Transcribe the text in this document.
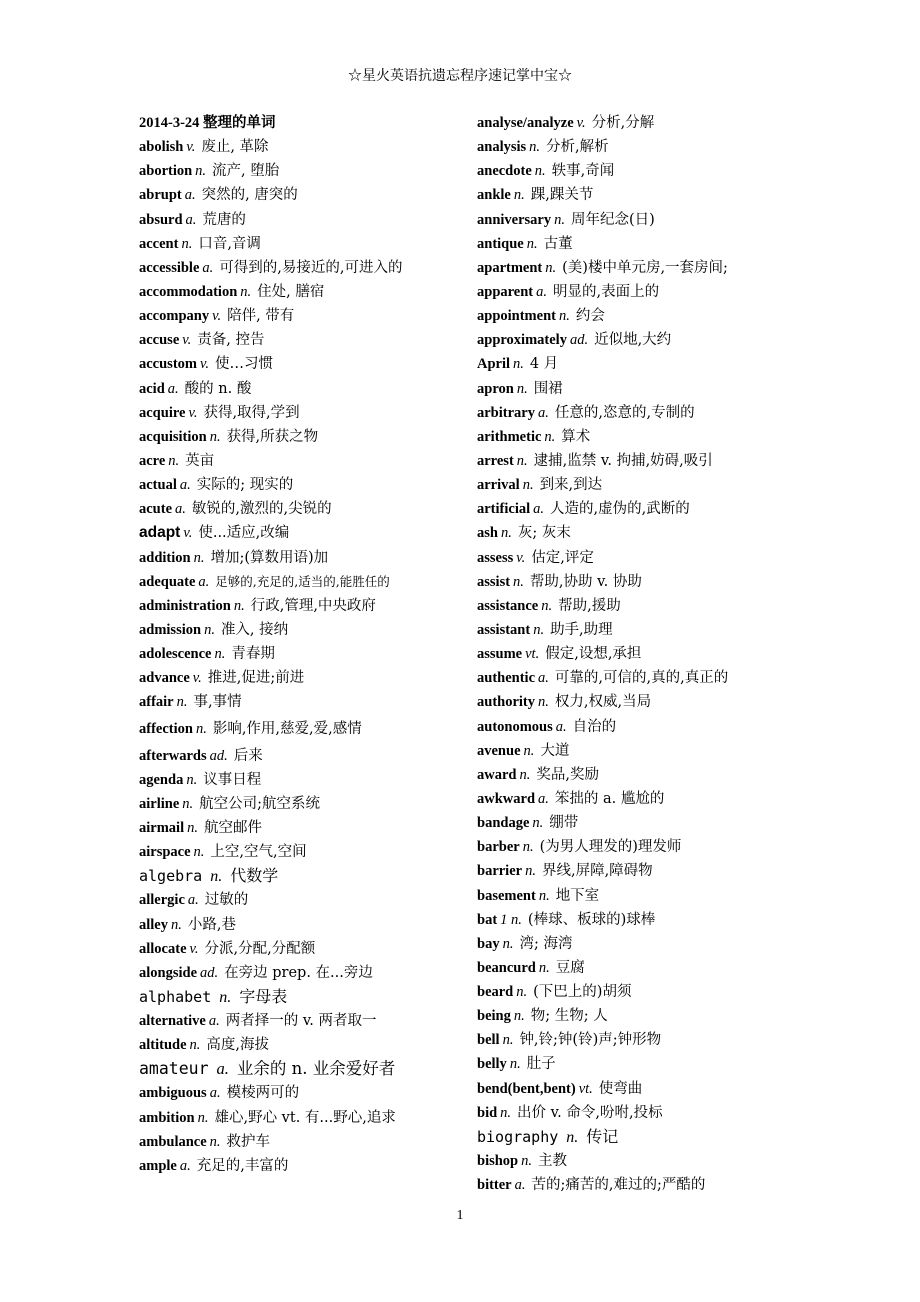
☆星火英语抗遗忘程序速记掌中宝☆
2014-3-24 整理的单词
abolish v. 废止, 革除
abortion n. 流产, 堕胎
abrupt a. 突然的, 唐突的
absurd a. 荒唐的
accent n. 口音,音调
accessible a. 可得到的,易接近的,可进入的
accommodation n. 住处, 膳宿
accompany v. 陪伴, 带有
accuse v. 责备, 控告
accustom v. 使…习惯
acid a. 酸的 n. 酸
acquire v. 获得,取得,学到
acquisition n. 获得,所获之物
acre n. 英亩
actual a. 实际的; 现实的
acute a. 敏锐的,激烈的,尖锐的
adapt v. 使...适应,改编
addition n. 增加;(算数用语)加
adequate a. 足够的,充足的,适当的,能胜任的
administration n. 行政,管理,中央政府
admission n. 准入, 接纳
adolescence n. 青春期
advance v. 推进,促进;前进
affair n. 事,事情
affection n. 影响,作用,慈爱,爱,感情
afterwards ad. 后来
agenda n. 议事日程
airline n. 航空公司;航空系统
airmail n. 航空邮件
airspace n. 上空,空气,空间
algebra n. 代数学
allergic a. 过敏的
alley n. 小路,巷
allocate v. 分派,分配,分配额
alongside ad. 在旁边 prep. 在...旁边
alphabet n. 字母表
alternative a. 两者择一的 v. 两者取一
altitude n. 高度,海拔
amateur a. 业余的 n. 业余爱好者
ambiguous a. 模棱两可的
ambition n. 雄心,野心 vt. 有...野心,追求
ambulance n. 救护车
ample a. 充足的,丰富的
analyse/analyze v. 分析,分解
analysis n. 分析,解析
anecdote n. 轶事,奇闻
ankle n. 踝,踝关节
anniversary n. 周年纪念(日)
antique n. 古董
apartment n. (美)楼中单元房,一套房间;
apparent a. 明显的,表面上的
appointment n. 约会
approximately ad. 近似地,大约
April n. 4 月
apron n. 围裙
arbitrary a. 任意的,恣意的,专制的
arithmetic n. 算术
arrest n. 逮捕,监禁 v. 拘捕,妨碍,吸引
arrival n. 到来,到达
artificial a. 人造的,虚伪的,武断的
ash n. 灰; 灰末
assess v. 估定,评定
assist n. 帮助,协助 v. 协助
assistance n. 帮助,援助
assistant n. 助手,助理
assume vt. 假定,设想,承担
authentic a. 可靠的,可信的,真的,真正的
authority n. 权力,权威,当局
autonomous a. 自治的
avenue n. 大道
award n. 奖品,奖励
awkward a. 笨拙的 a. 尴尬的
bandage n. 绷带
barber n. (为男人理发的)理发师
barrier n. 界线,屏障,障碍物
basement n. 地下室
bat 1 n. (棒球、板球的)球棒
bay n. 湾; 海湾
beancurd n. 豆腐
beard n. (下巴上的)胡须
being n. 物; 生物; 人
bell n. 钟,铃;钟(铃)声;钟形物
belly n. 肚子
bend(bent,bent) vt. 使弯曲
bid n. 出价 v. 命令,吩咐,投标
biography n. 传记
bishop n. 主教
bitter a. 苦的;痛苦的,难过的;严酷的
1
